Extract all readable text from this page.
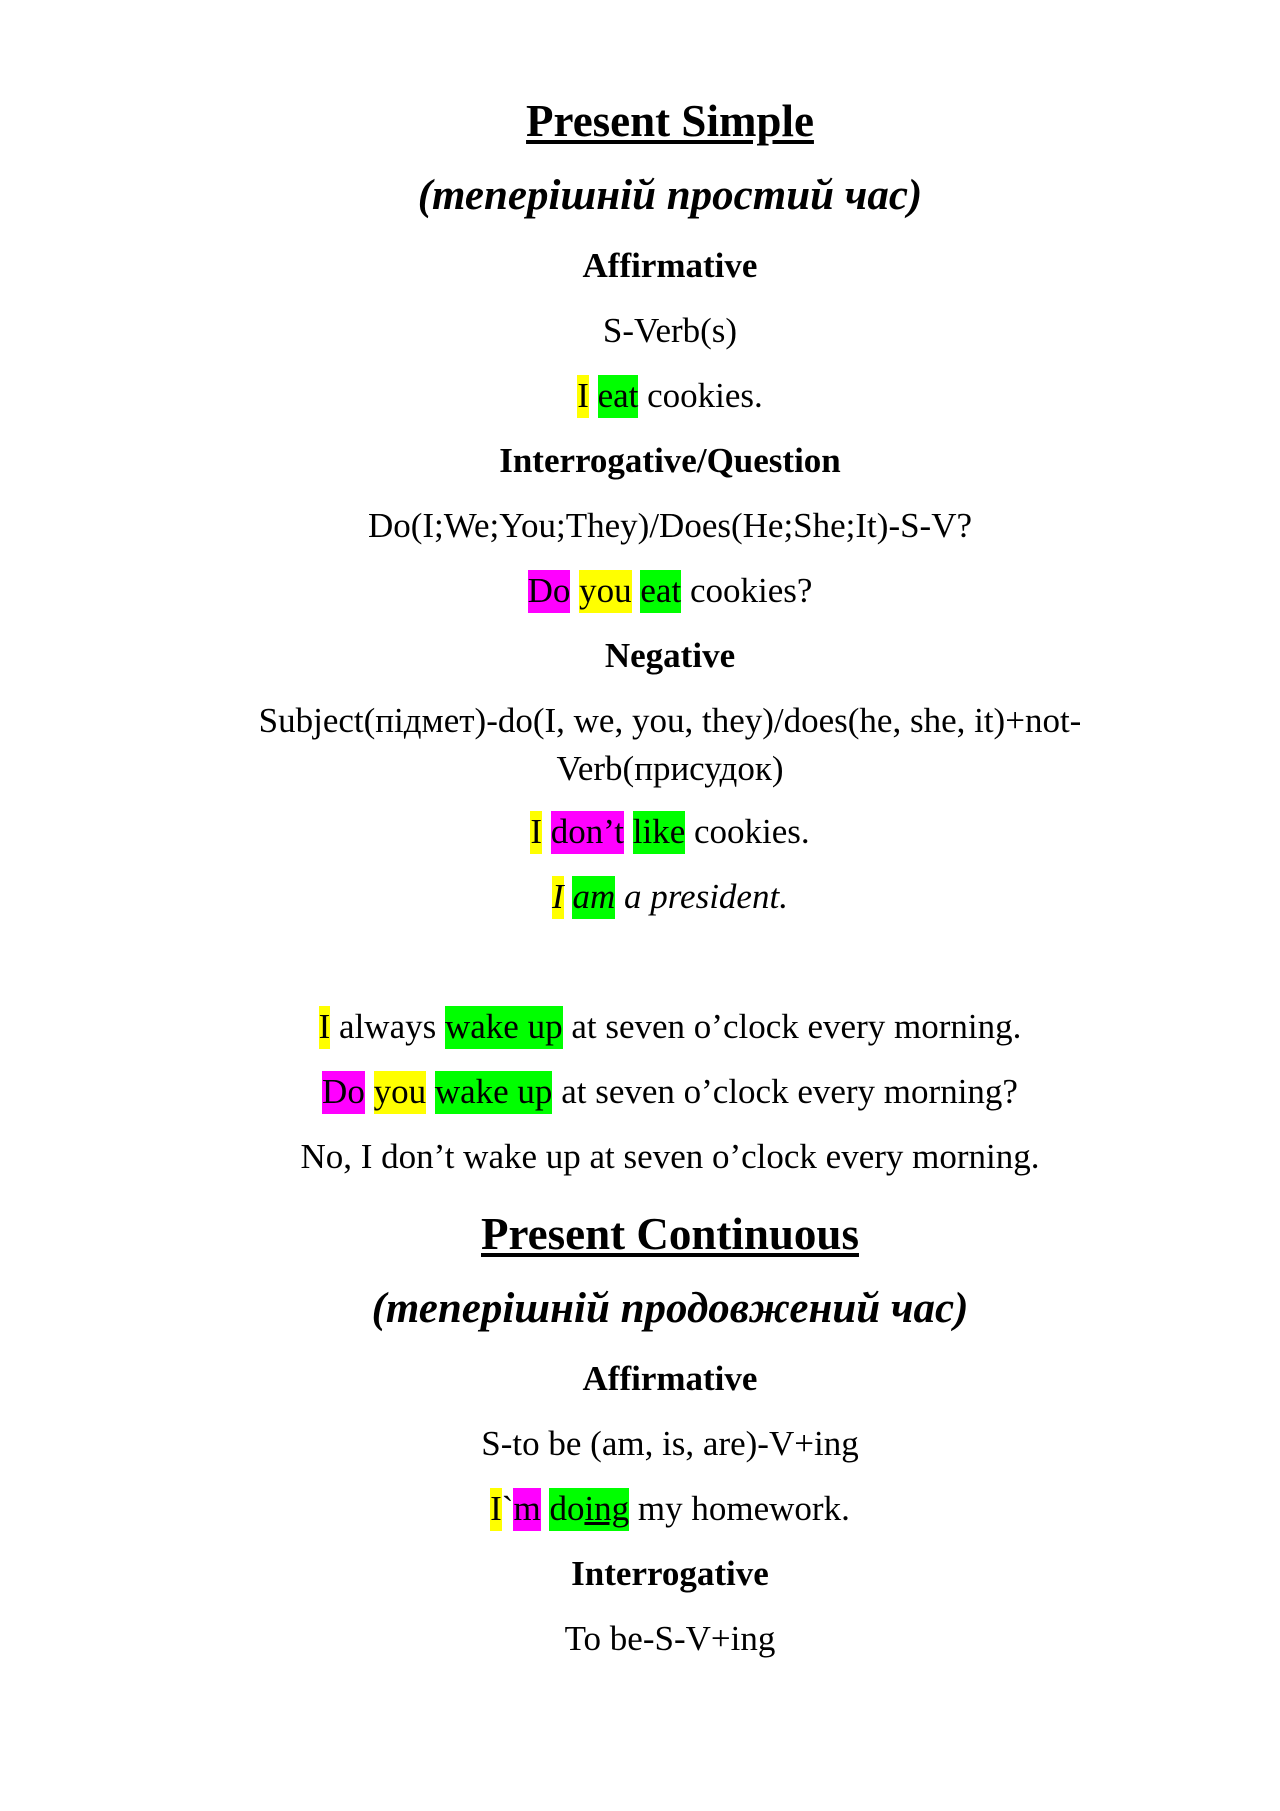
Present Simple
(теперішній простий час)
Affirmative
S-Verb(s)
I eat cookies.
Interrogative/Question
Do(I;We;You;They)/Does(He;She;It)-S-V?
Do you eat cookies?
Negative
Subject(підмет)-do(I, we, you, they)/does(he, she, it)+not-Verb(присудок)
I don’t like cookies.
I am a president.
I always wake up at seven o’clock every morning.
Do you wake up at seven o’clock every morning?
No, I don’t wake up at seven o’clock every morning.
Present Continuous
(теперішній продовжений час)
Affirmative
S-to be (am, is, are)-V+ing
I`m doing my homework.
Interrogative
To be-S-V+ing
